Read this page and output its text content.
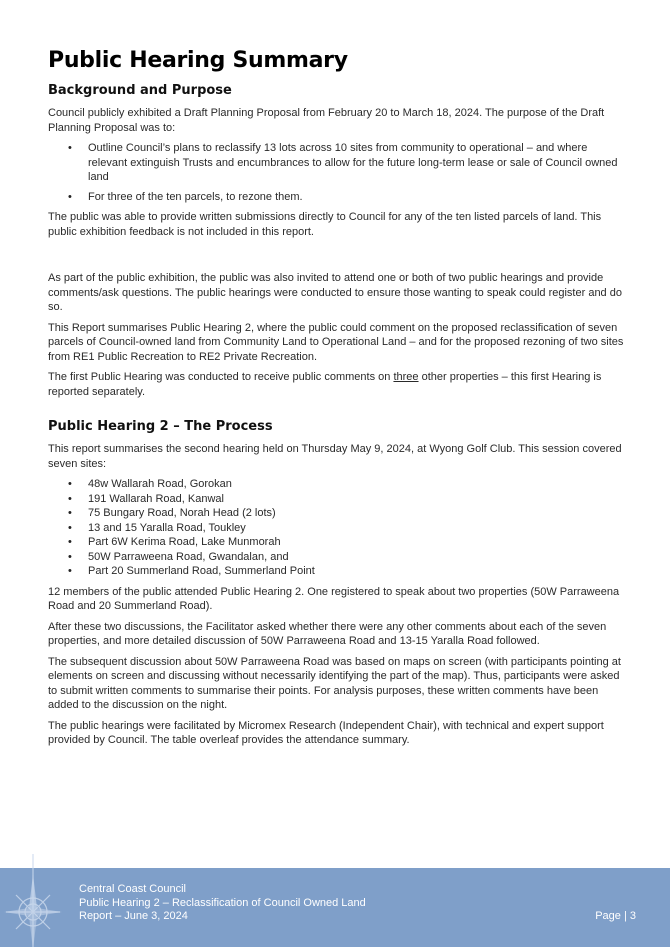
Public Hearing Summary
Background and Purpose

Council publicly exhibited a Draft Planning Proposal from February 20 to March 18, 2024. The purpose of the Draft Planning Proposal was to:

• Outline Council’s plans to reclassify 13 lots across 10 sites from community to operational – and where relevant extinguish Trusts and encumbrances to allow for the future long-term lease or sale of Council owned land
• For three of the ten parcels, to rezone them.

The public was able to provide written submissions directly to Council for any of the ten listed parcels of land. This public exhibition feedback is not included in this report.

As part of the public exhibition, the public was also invited to attend one or both of two public hearings and provide comments/ask questions. The public hearings were conducted to ensure those wanting to speak could register and do so.

This Report summarises Public Hearing 2, where the public could comment on the proposed reclassification of seven parcels of Council-owned land from Community Land to Operational Land – and for the proposed rezoning of two sites from RE1 Public Recreation to RE2 Private Recreation.

The first Public Hearing was conducted to receive public comments on three other properties – this first Hearing is reported separately.

Public Hearing 2 – The Process

This report summarises the second hearing held on Thursday May 9, 2024, at Wyong Golf Club. This session covered seven sites:

• 48w Wallarah Road, Gorokan
• 191 Wallarah Road, Kanwal
• 75 Bungary Road, Norah Head (2 lots)
• 13 and 15 Yaralla Road, Toukley
• Part 6W Kerima Road, Lake Munmorah
• 50W Parraweena Road, Gwandalan, and
• Part 20 Summerland Road, Summerland Point

12 members of the public attended Public Hearing 2. One registered to speak about two properties (50W Parraweena Road and 20 Summerland Road).

After these two discussions, the Facilitator asked whether there were any other comments about each of the seven properties, and more detailed discussion of 50W Parraweena Road and 13-15 Yaralla Road followed.

The subsequent discussion about 50W Parraweena Road was based on maps on screen (with participants pointing at elements on screen and discussing without necessarily identifying the part of the map). Thus, participants were asked to submit written comments to summarise their points. For analysis purposes, these written comments have been added to the discussion on the night.

The public hearings were facilitated by Micromex Research (Independent Chair), with technical and expert support provided by Council. The table overleaf provides the attendance summary.

Central Coast Council
Public Hearing 2 – Reclassification of Council Owned Land
Report – June 3, 2024	Page | 3
